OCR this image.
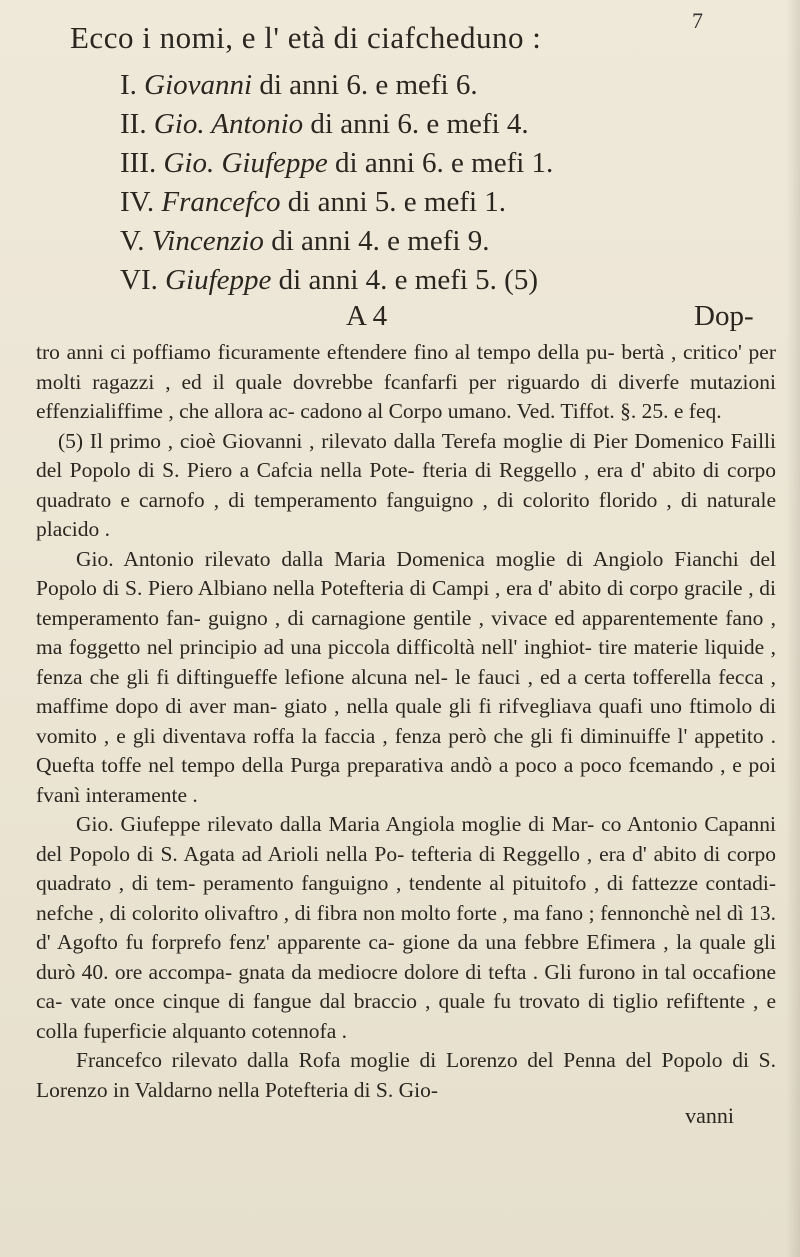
7
Ecco i nomi, e l' età di ciafcheduno :
I. Giovanni di anni 6. e mefi 6.
II. Gio. Antonio di anni 6. e mefi 4.
III. Gio. Giufeppe di anni 6. e mefi 1.
IV. Francefco di anni 5. e mefi 1.
V. Vincenzio di anni 4. e mefi 9.
VI. Giufeppe di anni 4. e mefi 5. (5)
A 4	Dop-

tro anni ci poffiamo ficuramente eftendere fino al tempo della pu- bertà , critico' per molti ragazzi , ed il quale dovrebbe fcanfarfi per riguardo di diverfe mutazioni effenzialiffime , che allora ac- cadono al Corpo umano. Ved. Tiffot. §. 25. e feq.

(5) Il primo , cioè Giovanni , rilevato dalla Terefa moglie di Pier Domenico Failli del Popolo di S. Piero a Cafcia nella Pote- fteria di Reggello , era d' abito di corpo quadrato e carnofo , di temperamento fanguigno , di colorito florido , di naturale placido .

Gio. Antonio rilevato dalla Maria Domenica moglie di Angiolo Fianchi del Popolo di S. Piero Albiano nella Potefteria di Campi , era d' abito di corpo gracile , di temperamento fan- guigno , di carnagione gentile , vivace ed apparentemente fano , ma foggetto nel principio ad una piccola difficoltà nell' inghiot- tire materie liquide , fenza che gli fi diftingueffe lefione alcuna nel- le fauci , ed a certa tofferella fecca , maffime dopo di aver man- giato , nella quale gli fi rifvegliava quafi uno ftimolo di vomito , e gli diventava roffa la faccia , fenza però che gli fi diminuiffe l' appetito . Quefta toffe nel tempo della Purga preparativa andò a poco a poco fcemando , e poi fvanì interamente .

Gio. Giufeppe rilevato dalla Maria Angiola moglie di Mar- co Antonio Capanni del Popolo di S. Agata ad Arioli nella Po- tefteria di Reggello , era d' abito di corpo quadrato , di tem- peramento fanguigno , tendente al pituitofo , di fattezze contadi- nefche , di colorito olivaftro , di fibra non molto forte , ma fano ; fennonchè nel dì 13. d' Agofto fu forprefo fenz' apparente ca- gione da una febbre Efimera , la quale gli durò 40. ore accompa- gnata da mediocre dolore di tefta . Gli furono in tal occafione ca- vate once cinque di fangue dal braccio , quale fu trovato di tiglio refiftente , e colla fuperficie alquanto cotennofa .

Francefco rilevato dalla Rofa moglie di Lorenzo del Penna del Popolo di S. Lorenzo in Valdarno nella Potefteria di S. Gio-

vanni
